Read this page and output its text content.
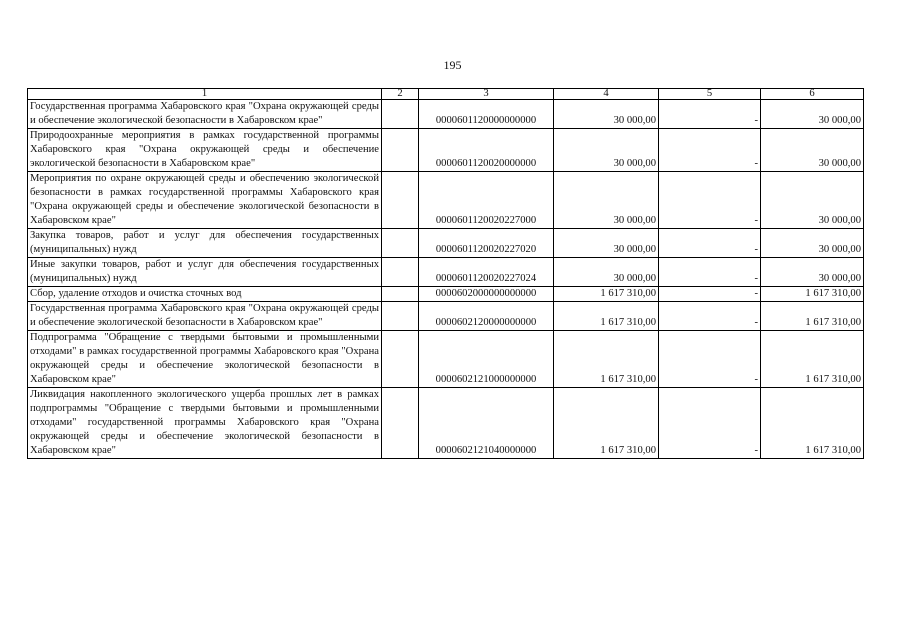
195
1	2	3	4	5	6
Государственная программа Хабаровского края "Охрана окружающей среды и обеспечение экологической безопасности в Хабаровском крае"		0000601120000000000	30 000,00	-	30 000,00
Природоохранные мероприятия в рамках государственной программы Хабаровского края "Охрана окружающей среды и обеспечение экологической безопасности в Хабаровском крае"		0000601120020000000	30 000,00	-	30 000,00
Мероприятия по охране окружающей среды и обеспечению экологической безопасности в рамках государственной программы Хабаровского края "Охрана окружающей среды и обеспечение экологической безопасности в Хабаровском крае"		0000601120020227000	30 000,00	-	30 000,00
Закупка товаров, работ и услуг для обеспечения государственных (муниципальных) нужд		0000601120020227020	30 000,00	-	30 000,00
Иные закупки товаров, работ и услуг для обеспечения государственных (муниципальных) нужд		0000601120020227024	30 000,00	-	30 000,00
Сбор, удаление отходов и очистка сточных вод		0000602000000000000	1 617 310,00	-	1 617 310,00
Государственная программа Хабаровского края "Охрана окружающей среды и обеспечение экологической безопасности в Хабаровском крае"		0000602120000000000	1 617 310,00	-	1 617 310,00
Подпрограмма "Обращение с твердыми бытовыми и промышленными отходами" в рамках государственной программы Хабаровского края "Охрана окружающей среды и обеспечение экологической безопасности в Хабаровском крае"		0000602121000000000	1 617 310,00	-	1 617 310,00
Ликвидация накопленного экологического ущерба прошлых лет в рамках подпрограммы "Обращение с твердыми бытовыми и промышленными отходами" государственной программы Хабаровского края "Охрана окружающей среды и обеспечение экологической безопасности в Хабаровском крае"		0000602121040000000	1 617 310,00	-	1 617 310,00
